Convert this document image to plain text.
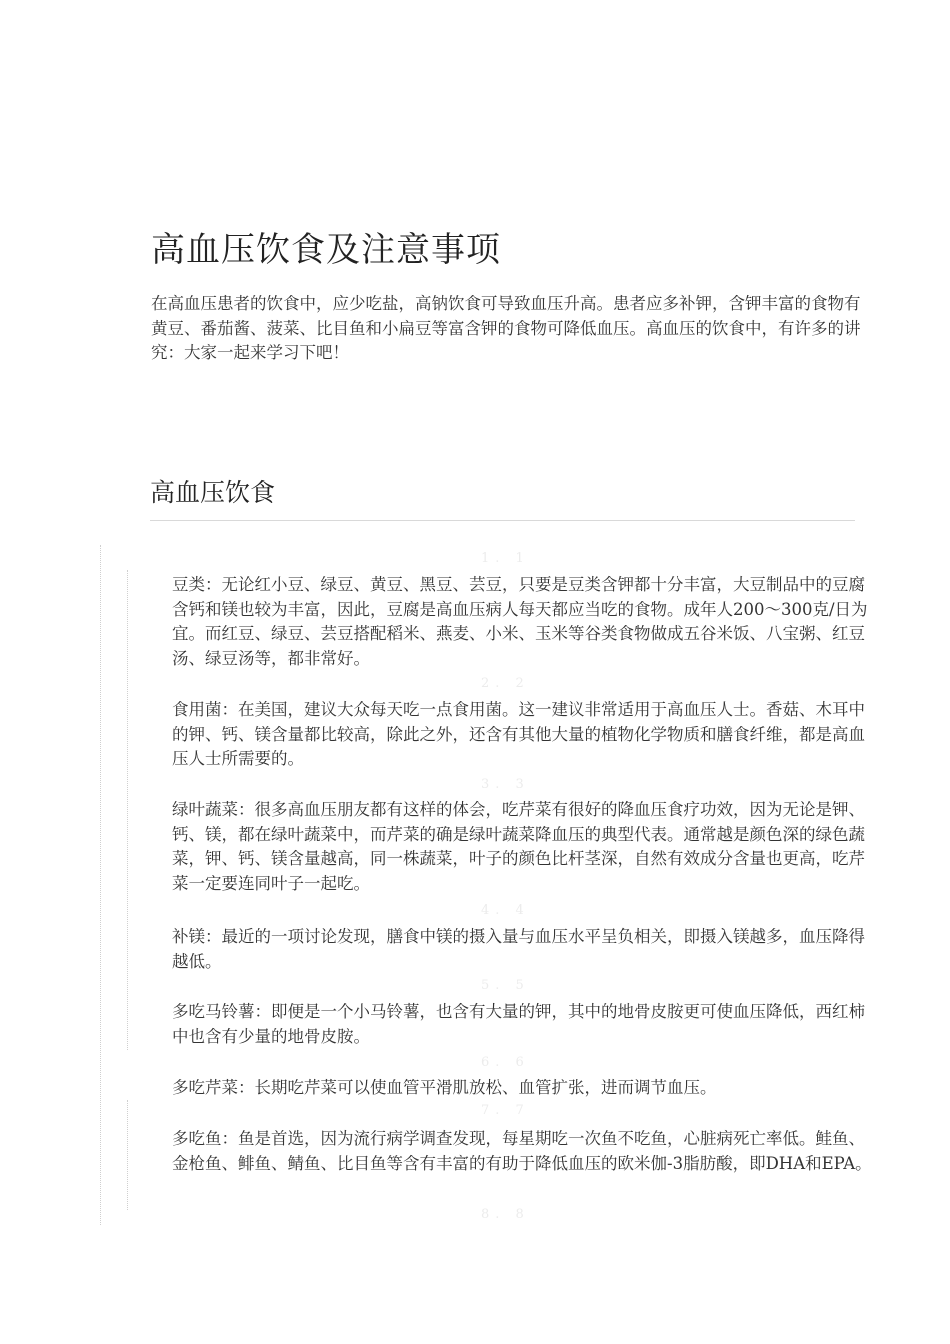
高血压饮食及注意事项

在高血压患者的饮食中，应少吃盐，高钠饮食可导致血压升高。患者应多补钾，含钾丰富的食物有黄豆、番茄酱、菠菜、比目鱼和小扁豆等富含钾的食物可降低血压。高血压的饮食中，有许多的讲究：大家一起来学习下吧！

高血压饮食
1. 1
2. 2
3. 3
4. 4
5. 5
6. 6
7. 7
8. 8

豆类：无论红小豆、绿豆、黄豆、黑豆、芸豆，只要是豆类含钾都十分丰富，大豆制品中的豆腐含钙和镁也较为丰富，因此，豆腐是高血压病人每天都应当吃的食物。成年人200～300克/日为宜。而红豆、绿豆、芸豆搭配稻米、燕麦、小米、玉米等谷类食物做成五谷米饭、八宝粥、红豆汤、绿豆汤等，都非常好。

食用菌：在美国，建议大众每天吃一点食用菌。这一建议非常适用于高血压人士。香菇、木耳中的钾、钙、镁含量都比较高，除此之外，还含有其他大量的植物化学物质和膳食纤维，都是高血压人士所需要的。

绿叶蔬菜：很多高血压朋友都有这样的体会，吃芹菜有很好的降血压食疗功效，因为无论是钾、钙、镁，都在绿叶蔬菜中，而芹菜的确是绿叶蔬菜降血压的典型代表。通常越是颜色深的绿色蔬菜，钾、钙、镁含量越高，同一株蔬菜，叶子的颜色比杆茎深，自然有效成分含量也更高，吃芹菜一定要连同叶子一起吃。

补镁：最近的一项讨论发现，膳食中镁的摄入量与血压水平呈负相关，即摄入镁越多，血压降得越低。

多吃马铃薯：即便是一个小马铃薯，也含有大量的钾，其中的地骨皮胺更可使血压降低，西红柿中也含有少量的地骨皮胺。

多吃芹菜：长期吃芹菜可以使血管平滑肌放松、血管扩张，进而调节血压。

多吃鱼：鱼是首选，因为流行病学调查发现，每星期吃一次鱼不吃鱼，心脏病死亡率低。鲑鱼、金枪鱼、鲱鱼、鲭鱼、比目鱼等含有丰富的有助于降低血压的欧米伽-3脂肪酸，即DHA和EPA。
